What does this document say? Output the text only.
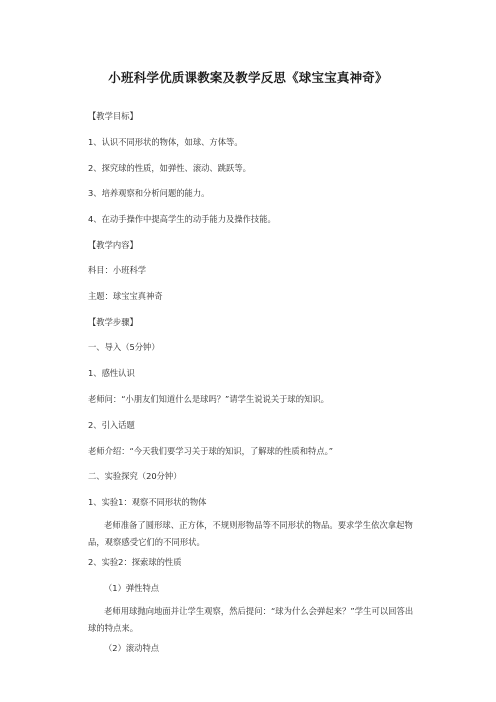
小班科学优质课教案及教学反思《球宝宝真神奇》
【教学目标】
1、认识不同形状的物体，如球、方体等。
2、探究球的性质，如弹性、滚动、跳跃等。
3、培养观察和分析问题的能力。
4、在动手操作中提高学生的动手能力及操作技能。
【教学内容】
科目：小班科学
主题：球宝宝真神奇
【教学步骤】
一、导入（5分钟）
1、感性认识
老师问：“小朋友们知道什么是球吗？”请学生说说关于球的知识。
2、引入话题
老师介绍：“今天我们要学习关于球的知识，了解球的性质和特点。”
二、实验探究（20分钟）
1、实验1：观察不同形状的物体
老师准备了圆形球、正方体，不规则形物品等不同形状的物品。要求学生依次拿起物品，观察感受它们的不同形状。
2、实验2：探索球的性质
（1）弹性特点
老师用球抛向地面并让学生观察，然后提问：“球为什么会弹起来？”学生可以回答出球的特点来。
（2）滚动特点
